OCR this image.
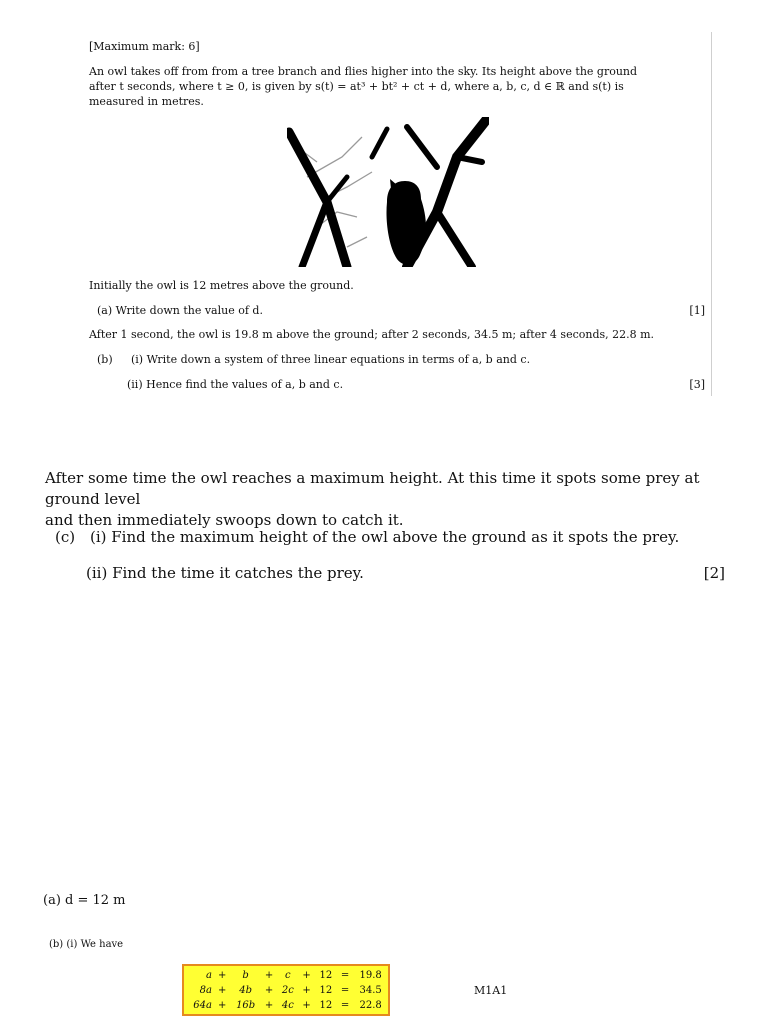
[Maximum mark: 6]
An owl takes off from from a tree branch and flies higher into the sky. Its height above the ground
after t seconds, where t ≥ 0, is given by s(t) = at³ + bt² + ct + d, where a, b, c, d ∈ ℝ and s(t) is
measured in metres.
Initially the owl is 12 metres above the ground.
(a) Write down the value of d.	[1]
After 1 second, the owl is 19.8 m above the ground; after 2 seconds, 34.5 m; after 4 seconds, 22.8 m.
(b) (i) Write down a system of three linear equations in terms of a, b and c.
(ii) Hence find the values of a, b and c.	[3]
After some time the owl reaches a maximum height. At this time it spots some prey at ground level
and then immediately swoops down to catch it.
(c) (i) Find the maximum height of the owl above the ground as it spots the prey.
(ii) Find the time it catches the prey.	[2]
(a) d = 12 m
(b) (i) We have
a	+	b	+	c	+	12	=	19.8
8a	+	4b	+	2c	+	12	=	34.5
64a	+	16b	+	4c	+	12	=	22.8
M1A1
